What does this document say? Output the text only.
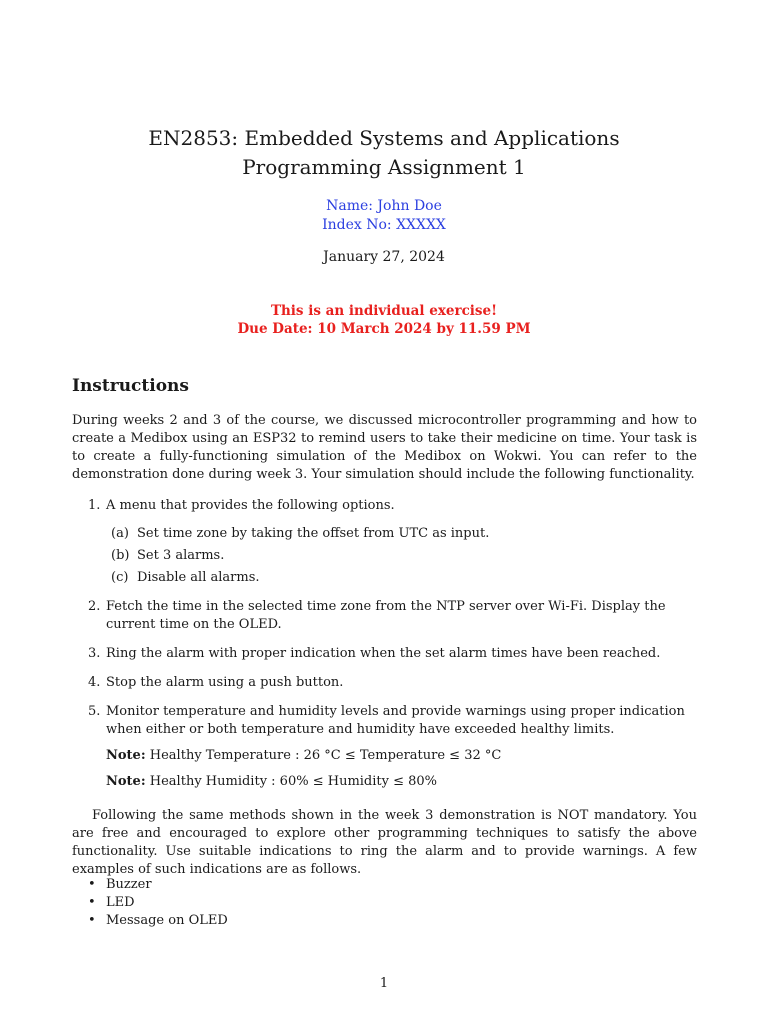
EN2853: Embedded Systems and Applications
Programming Assignment 1
Name: John Doe
Index No: XXXXX
January 27, 2024
This is an individual exercise!
Due Date: 10 March 2024 by 11.59 PM
Instructions
During weeks 2 and 3 of the course, we discussed microcontroller programming and how to create a Medibox using an ESP32 to remind users to take their medicine on time. Your task is to create a fully-functioning simulation of the Medibox on Wokwi. You can refer to the demonstration done during week 3. Your simulation should include the following functionality.
1. A menu that provides the following options.
(a) Set time zone by taking the offset from UTC as input.
(b) Set 3 alarms.
(c) Disable all alarms.
2. Fetch the time in the selected time zone from the NTP server over Wi-Fi. Display the current time on the OLED.
3. Ring the alarm with proper indication when the set alarm times have been reached.
4. Stop the alarm using a push button.
5. Monitor temperature and humidity levels and provide warnings using proper indication when either or both temperature and humidity have exceeded healthy limits.
Note: Healthy Temperature : 26 °C ≤ Temperature ≤ 32 °C
Note: Healthy Humidity : 60% ≤ Humidity ≤ 80%
Following the same methods shown in the week 3 demonstration is NOT mandatory. You are free and encouraged to explore other programming techniques to satisfy the above functionality. Use suitable indications to ring the alarm and to provide warnings. A few examples of such indications are as follows.
• Buzzer
• LED
• Message on OLED
1
